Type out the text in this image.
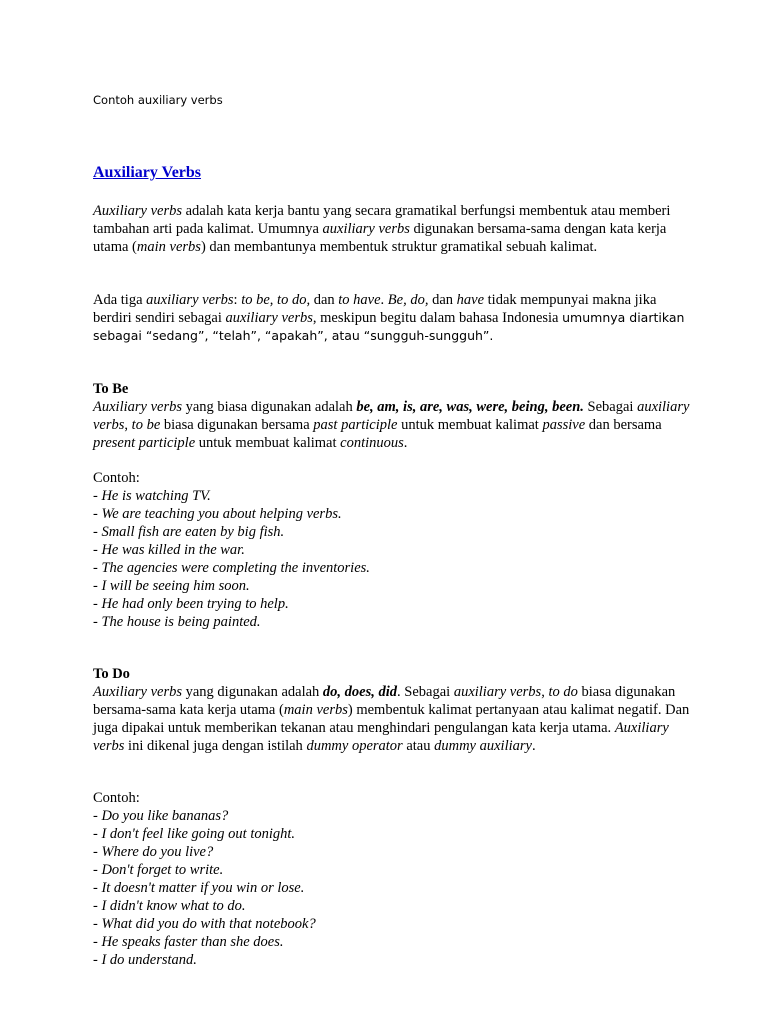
Contoh auxiliary verbs
Auxiliary Verbs
Auxiliary verbs adalah kata kerja bantu yang secara gramatikal berfungsi membentuk atau memberi tambahan arti pada kalimat. Umumnya auxiliary verbs digunakan bersama-sama dengan kata kerja utama (main verbs) dan membantunya membentuk struktur gramatikal sebuah kalimat.
Ada tiga auxiliary verbs: to be, to do, dan to have. Be, do, dan have tidak mempunyai makna jika berdiri sendiri sebagai auxiliary verbs, meskipun begitu dalam bahasa Indonesia umumnya diartikan sebagai “sedang”, “telah”, “apakah”, atau “sungguh-sungguh”.
To Be
Auxiliary verbs yang biasa digunakan adalah be, am, is, are, was, were, being, been. Sebagai auxiliary verbs, to be biasa digunakan bersama past participle untuk membuat kalimat passive dan bersama present participle untuk membuat kalimat continuous.
Contoh:
- He is watching TV.
- We are teaching you about helping verbs.
- Small fish are eaten by big fish.
- He was killed in the war.
- The agencies were completing the inventories.
- I will be seeing him soon.
- He had only been trying to help.
- The house is being painted.
To Do
Auxiliary verbs yang digunakan adalah do, does, did. Sebagai auxiliary verbs, to do biasa digunakan bersama-sama kata kerja utama (main verbs) membentuk kalimat pertanyaan atau kalimat negatif. Dan juga dipakai untuk memberikan tekanan atau menghindari pengulangan kata kerja utama. Auxiliary verbs ini dikenal juga dengan istilah dummy operator atau dummy auxiliary.
Contoh:
- Do you like bananas?
- I don't feel like going out tonight.
- Where do you live?
- Don't forget to write.
- It doesn't matter if you win or lose.
- I didn't know what to do.
- What did you do with that notebook?
- He speaks faster than she does.
- I do understand.
